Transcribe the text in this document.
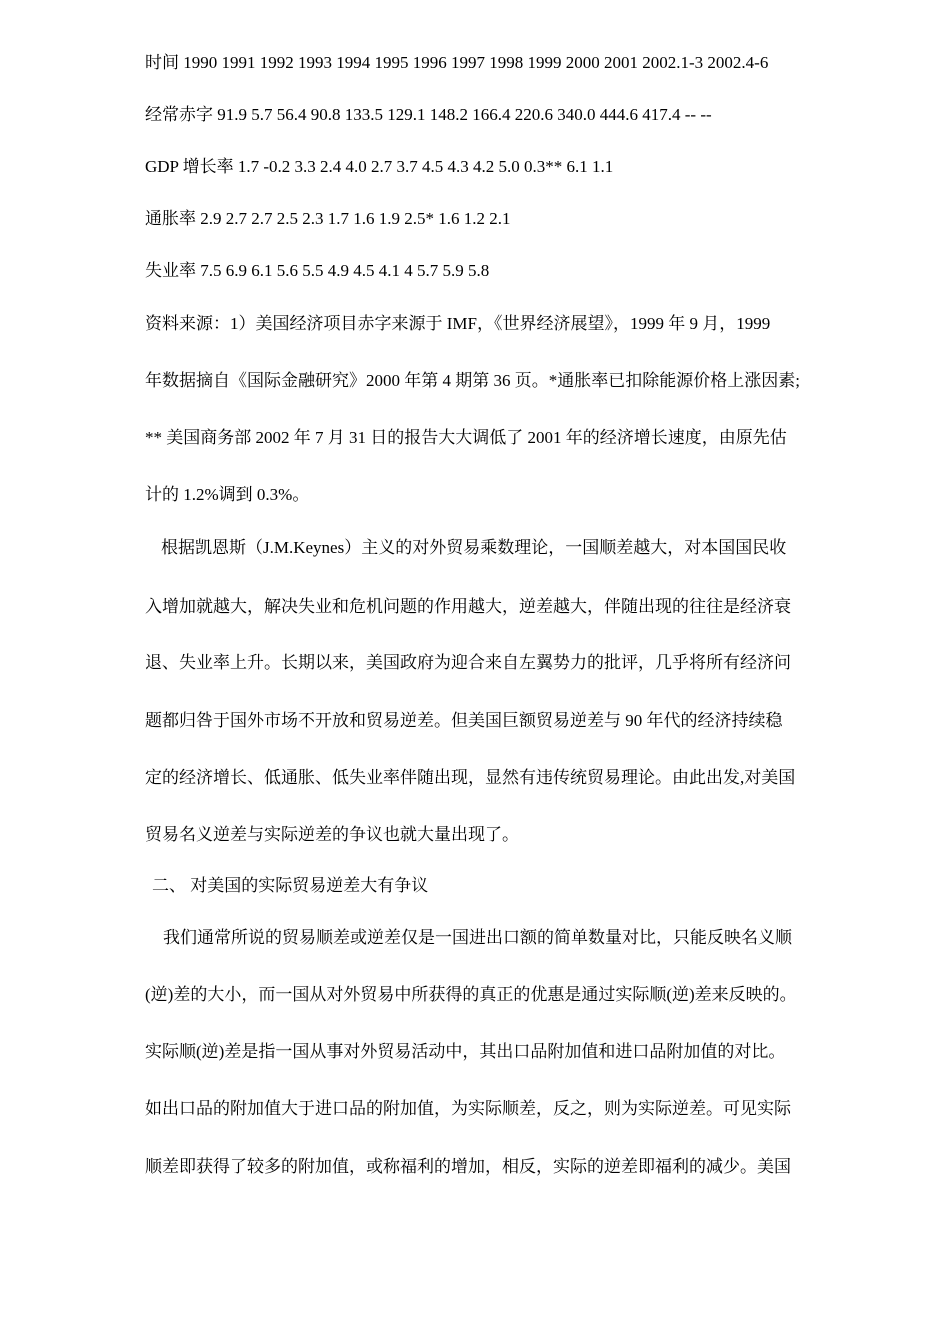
时间 1990 1991 1992 1993 1994 1995 1996 1997 1998 1999 2000 2001 2002.1-3 2002.4-6
经常赤字 91.9 5.7 56.4 90.8 133.5 129.1 148.2 166.4 220.6 340.0 444.6 417.4 -- --
GDP 增长率 1.7 -0.2 3.3 2.4 4.0 2.7 3.7 4.5 4.3 4.2 5.0 0.3** 6.1 1.1
通胀率 2.9 2.7 2.7 2.5 2.3 1.7 1.6 1.9 2.5* 1.6 1.2 2.1
失业率 7.5 6.9 6.1 5.6 5.5 4.9 4.5 4.1 4 5.7 5.9 5.8
资料来源：1）美国经济项目赤字来源于 IMF，《世界经济展望》，1999 年 9 月，1999
年数据摘自《国际金融研究》2000 年第 4 期第 36 页。*通胀率已扣除能源价格上涨因素;
** 美国商务部 2002 年 7 月 31 日的报告大大调低了 2001 年的经济增长速度，由原先估
计的 1.2%调到 0.3%。
根据凯恩斯（J.M.Keynes）主义的对外贸易乘数理论，一国顺差越大，对本国国民收
入增加就越大，解决失业和危机问题的作用越大，逆差越大，伴随出现的往往是经济衰
退、失业率上升。长期以来，美国政府为迎合来自左翼势力的批评，几乎将所有经济问
题都归咎于国外市场不开放和贸易逆差。但美国巨额贸易逆差与 90 年代的经济持续稳
定的经济增长、低通胀、低失业率伴随出现，显然有违传统贸易理论。由此出发,对美国
贸易名义逆差与实际逆差的争议也就大量出现了。
二、 对美国的实际贸易逆差大有争议
我们通常所说的贸易顺差或逆差仅是一国进出口额的简单数量对比，只能反映名义顺
(逆)差的大小，而一国从对外贸易中所获得的真正的优惠是通过实际顺(逆)差来反映的。
实际顺(逆)差是指一国从事对外贸易活动中，其出口品附加值和进口品附加值的对比。
如出口品的附加值大于进口品的附加值，为实际顺差，反之，则为实际逆差。可见实际
顺差即获得了较多的附加值，或称福利的增加，相反，实际的逆差即福利的减少。美国
